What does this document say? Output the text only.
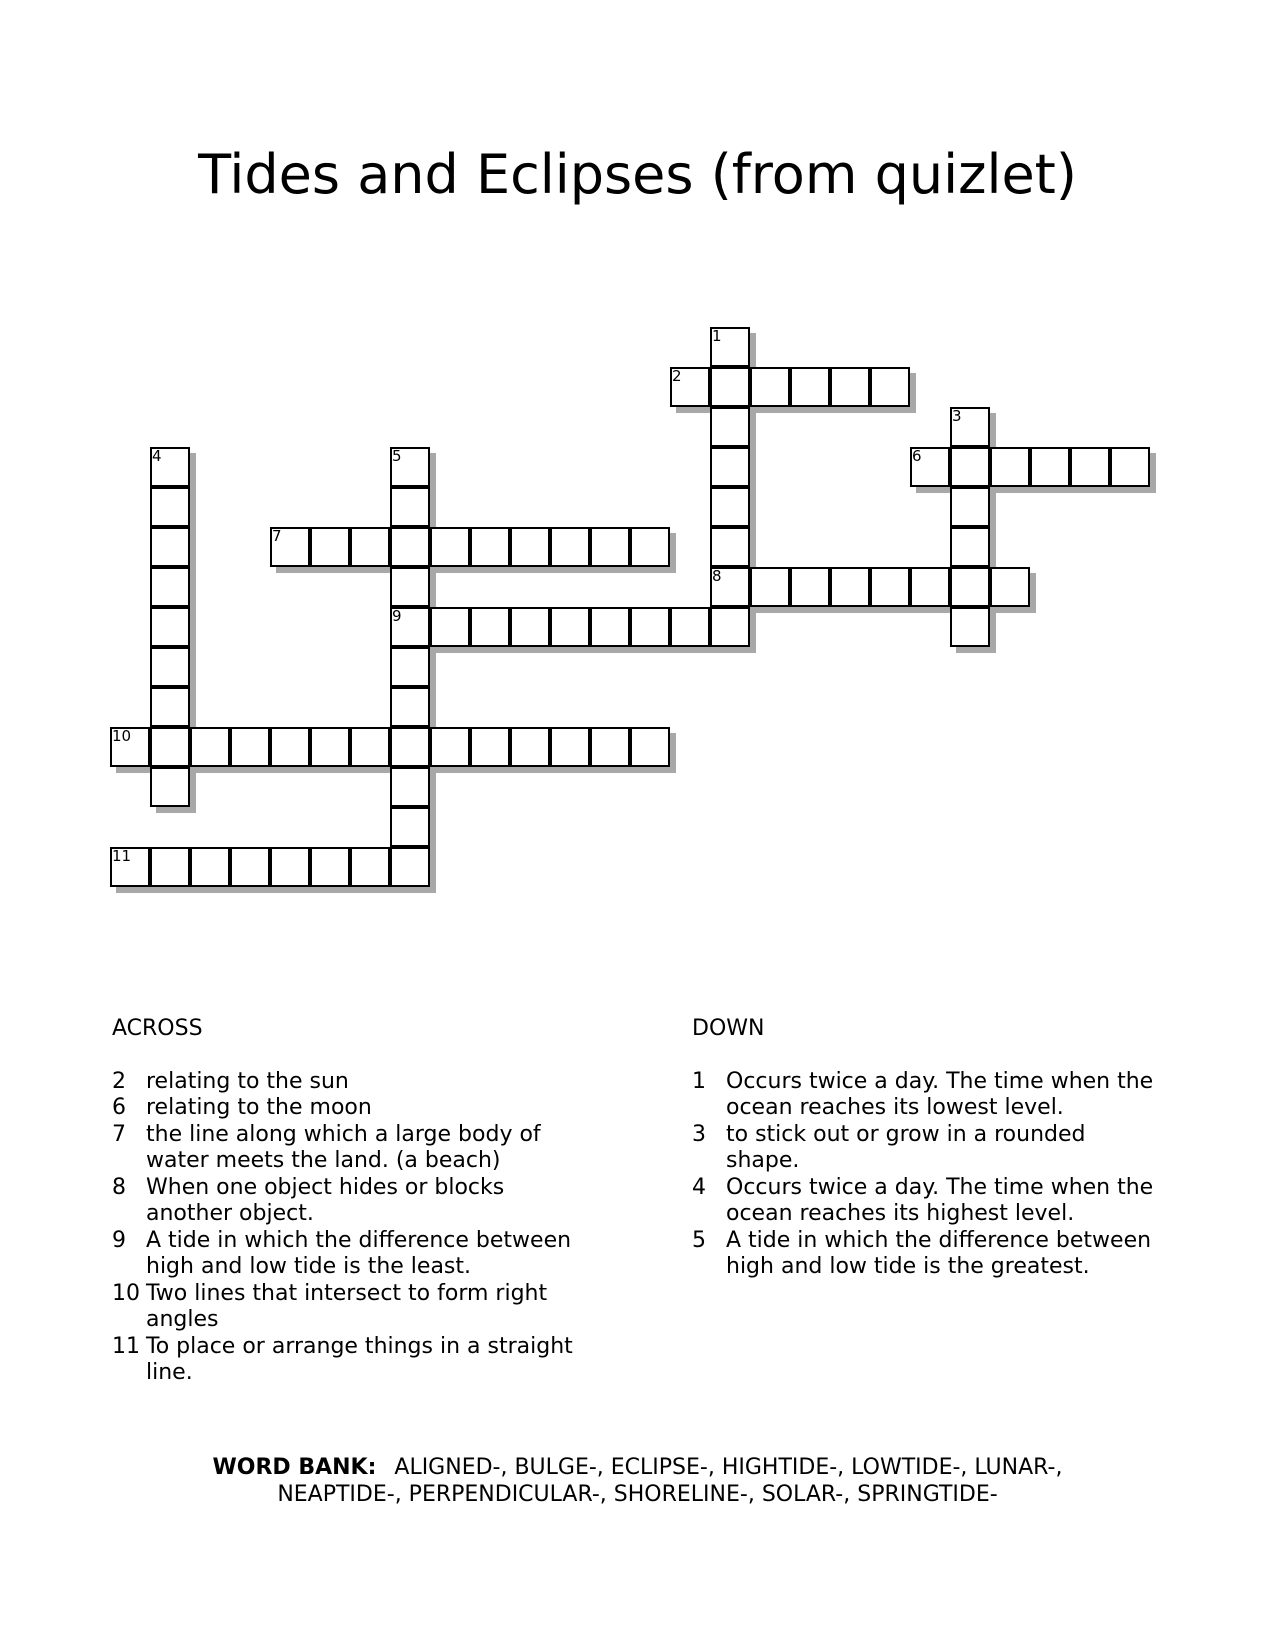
Tides and Eclipses (from quizlet)
1
8
2
3
4	5
9
6
7
10
11
ACROSS
2 relating to the sun
6 relating to the moon
7 the line along which a large body of water meets the land. (a beach)
8 When one object hides or blocks another object.
9 A tide in which the difference between high and low tide is the least.
10 Two lines that intersect to form right angles
11 To place or arrange things in a straight line.
DOWN
1 Occurs twice a day. The time when the ocean reaches its lowest level.
3 to stick out or grow in a rounded shape.
4 Occurs twice a day. The time when the ocean reaches its highest level.
5 A tide in which the difference between high and low tide is the greatest.
WORD BANK: ALIGNED-, BULGE-, ECLIPSE-, HIGHTIDE-, LOWTIDE-, LUNAR-, NEAPTIDE-, PERPENDICULAR-, SHORELINE-, SOLAR-, SPRINGTIDE-
